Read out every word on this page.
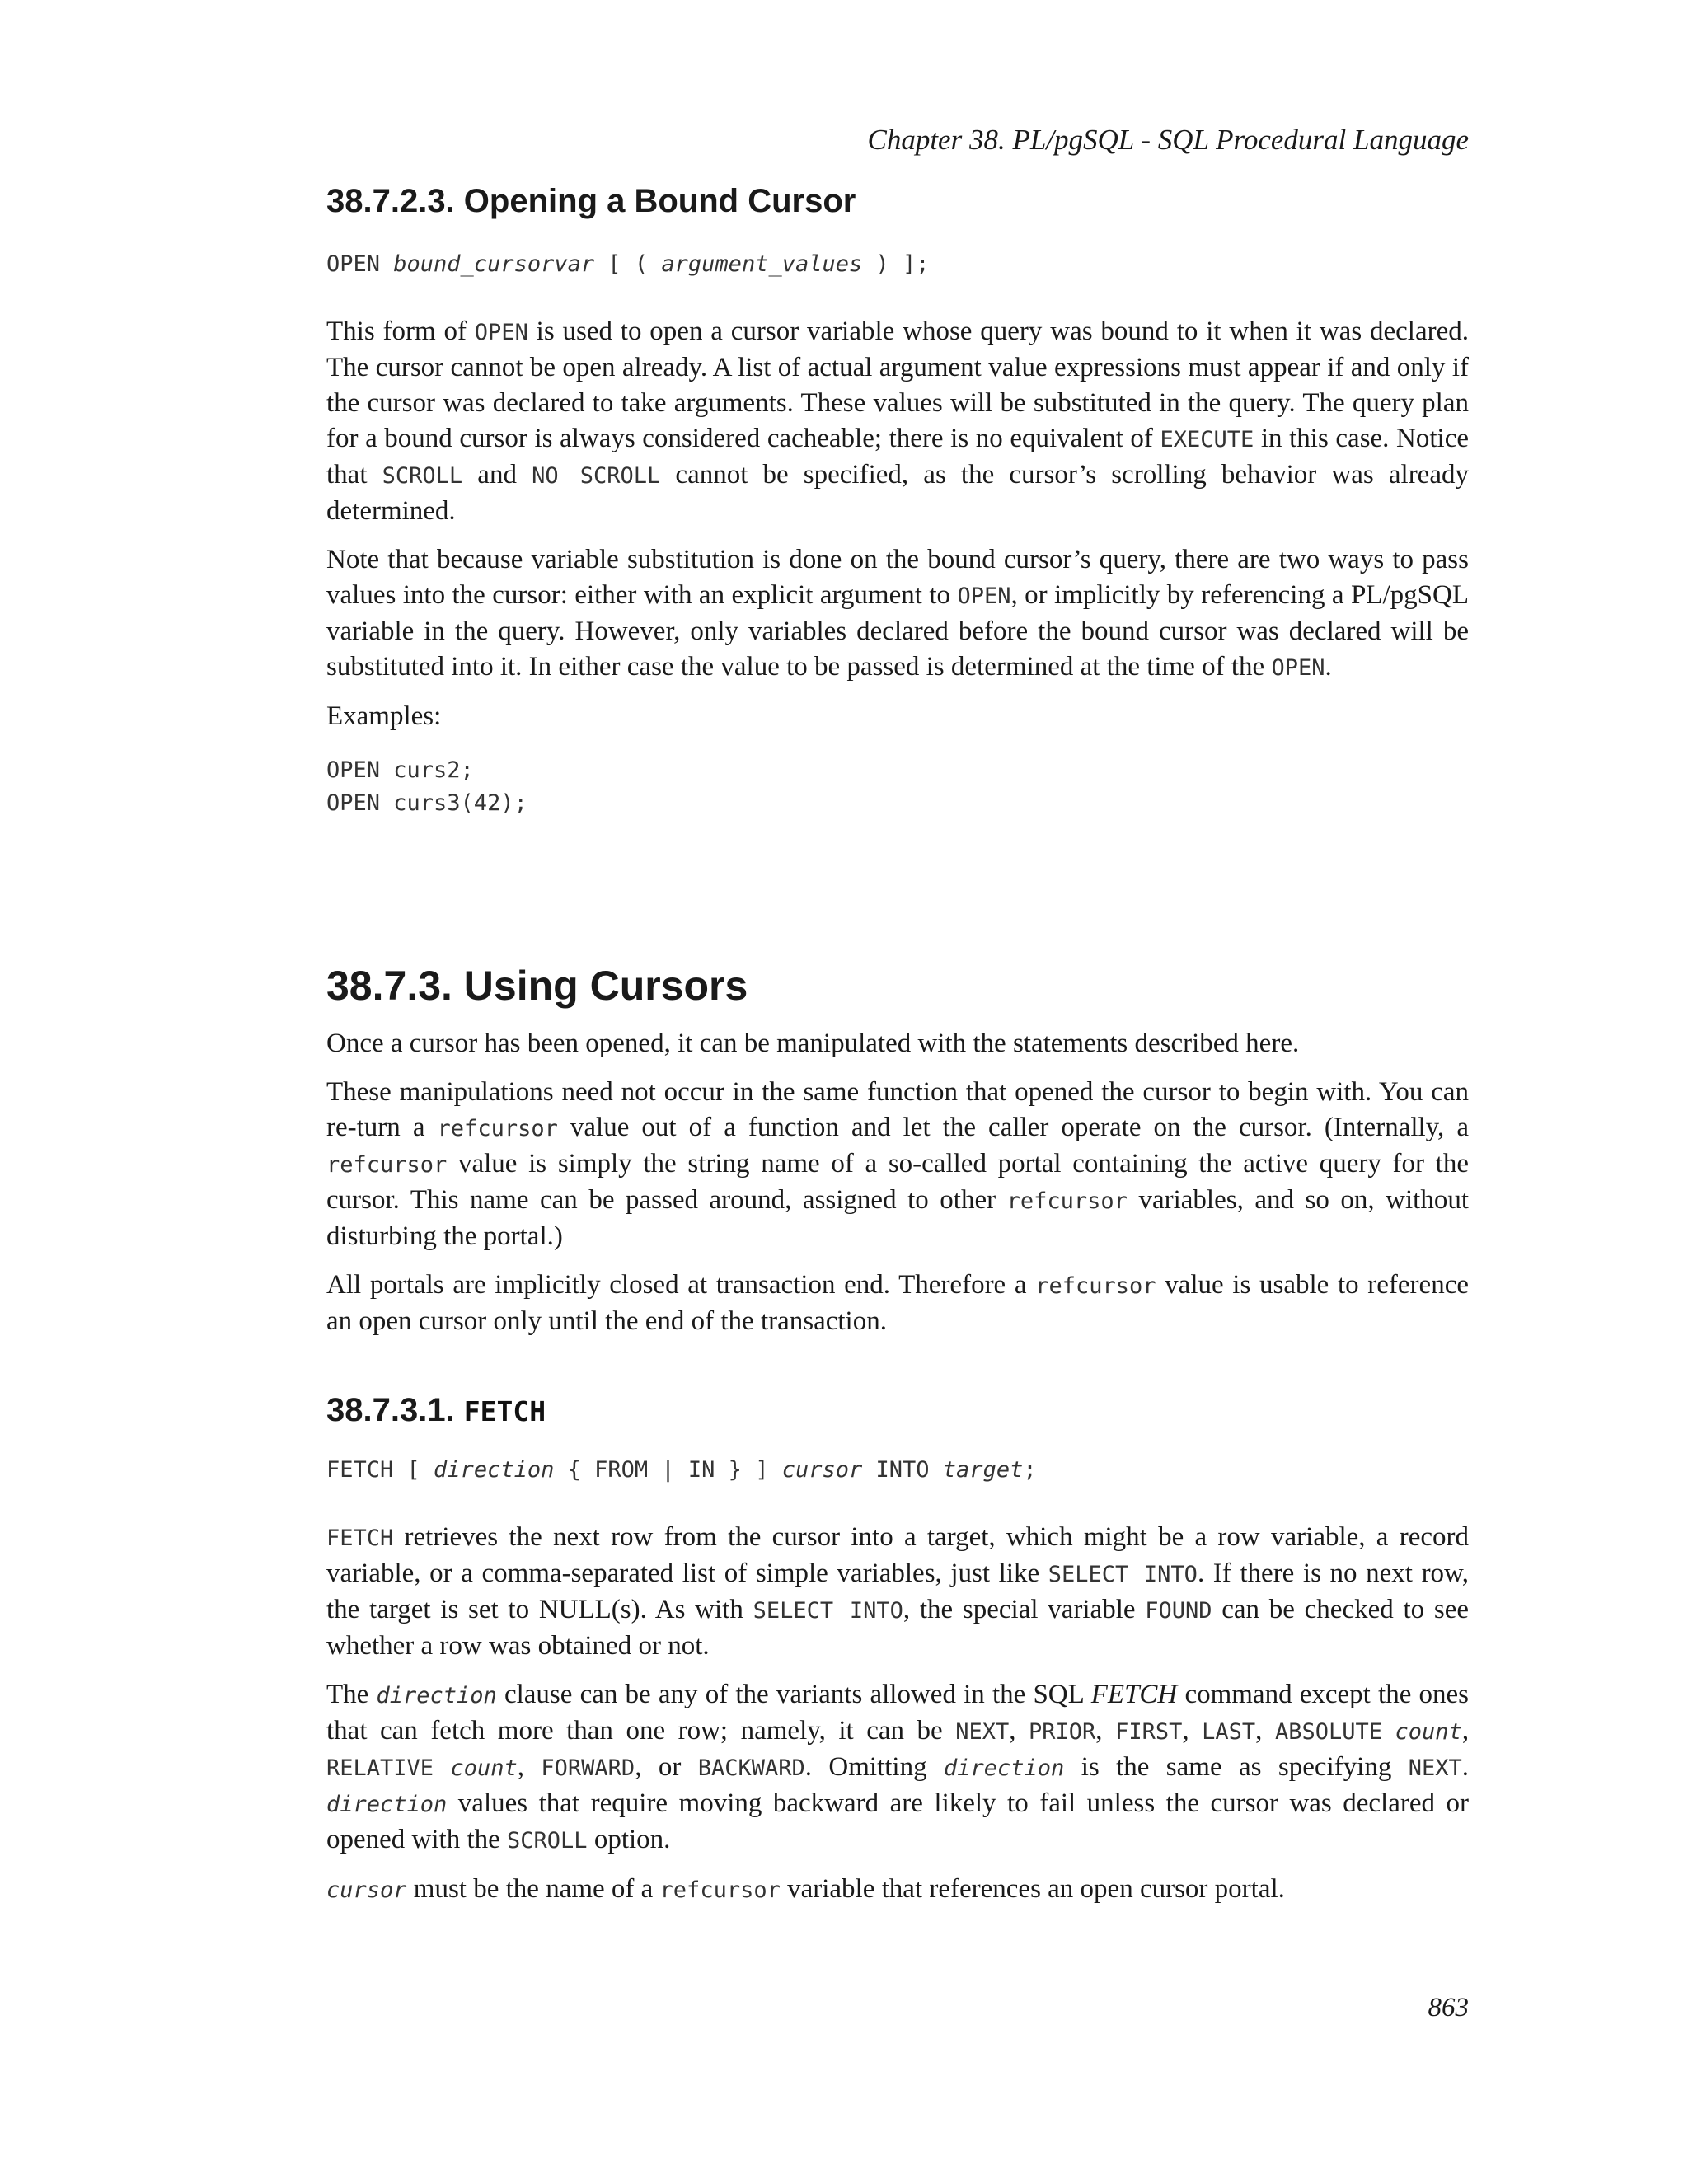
Chapter 38. PL/pgSQL - SQL Procedural Language
38.7.2.3. Opening a Bound Cursor
OPEN bound_cursorvar [ ( argument_values ) ];

This form of OPEN is used to open a cursor variable whose query was bound to it when it was declared. The cursor cannot be open already. A list of actual argument value expressions must appear if and only if the cursor was declared to take arguments. These values will be substituted in the query. The query plan for a bound cursor is always considered cacheable; there is no equivalent of EXECUTE in this case. Notice that SCROLL and NO SCROLL cannot be specified, as the cursor’s scrolling behavior was already determined.

Note that because variable substitution is done on the bound cursor’s query, there are two ways to pass values into the cursor: either with an explicit argument to OPEN, or implicitly by referencing a PL/pgSQL variable in the query. However, only variables declared before the bound cursor was declared will be substituted into it. In either case the value to be passed is determined at the time of the OPEN.

Examples:

OPEN curs2;
OPEN curs3(42);
38.7.3. Using Cursors

Once a cursor has been opened, it can be manipulated with the statements described here.

These manipulations need not occur in the same function that opened the cursor to begin with. You can re-turn a refcursor value out of a function and let the caller operate on the cursor. (Internally, a refcursor value is simply the string name of a so-called portal containing the active query for the cursor. This name can be passed around, assigned to other refcursor variables, and so on, without disturbing the portal.)

All portals are implicitly closed at transaction end. Therefore a refcursor value is usable to reference an open cursor only until the end of the transaction.

38.7.3.1. FETCH
FETCH [ direction { FROM | IN } ] cursor INTO target;

FETCH retrieves the next row from the cursor into a target, which might be a row variable, a record variable, or a comma-separated list of simple variables, just like SELECT INTO. If there is no next row, the target is set to NULL(s). As with SELECT INTO, the special variable FOUND can be checked to see whether a row was obtained or not.

The direction clause can be any of the variants allowed in the SQL FETCH command except the ones that can fetch more than one row; namely, it can be NEXT, PRIOR, FIRST, LAST, ABSOLUTE count, RELATIVE count, FORWARD, or BACKWARD. Omitting direction is the same as specifying NEXT. direction values that require moving backward are likely to fail unless the cursor was declared or opened with the SCROLL option.

cursor must be the name of a refcursor variable that references an open cursor portal.

863
